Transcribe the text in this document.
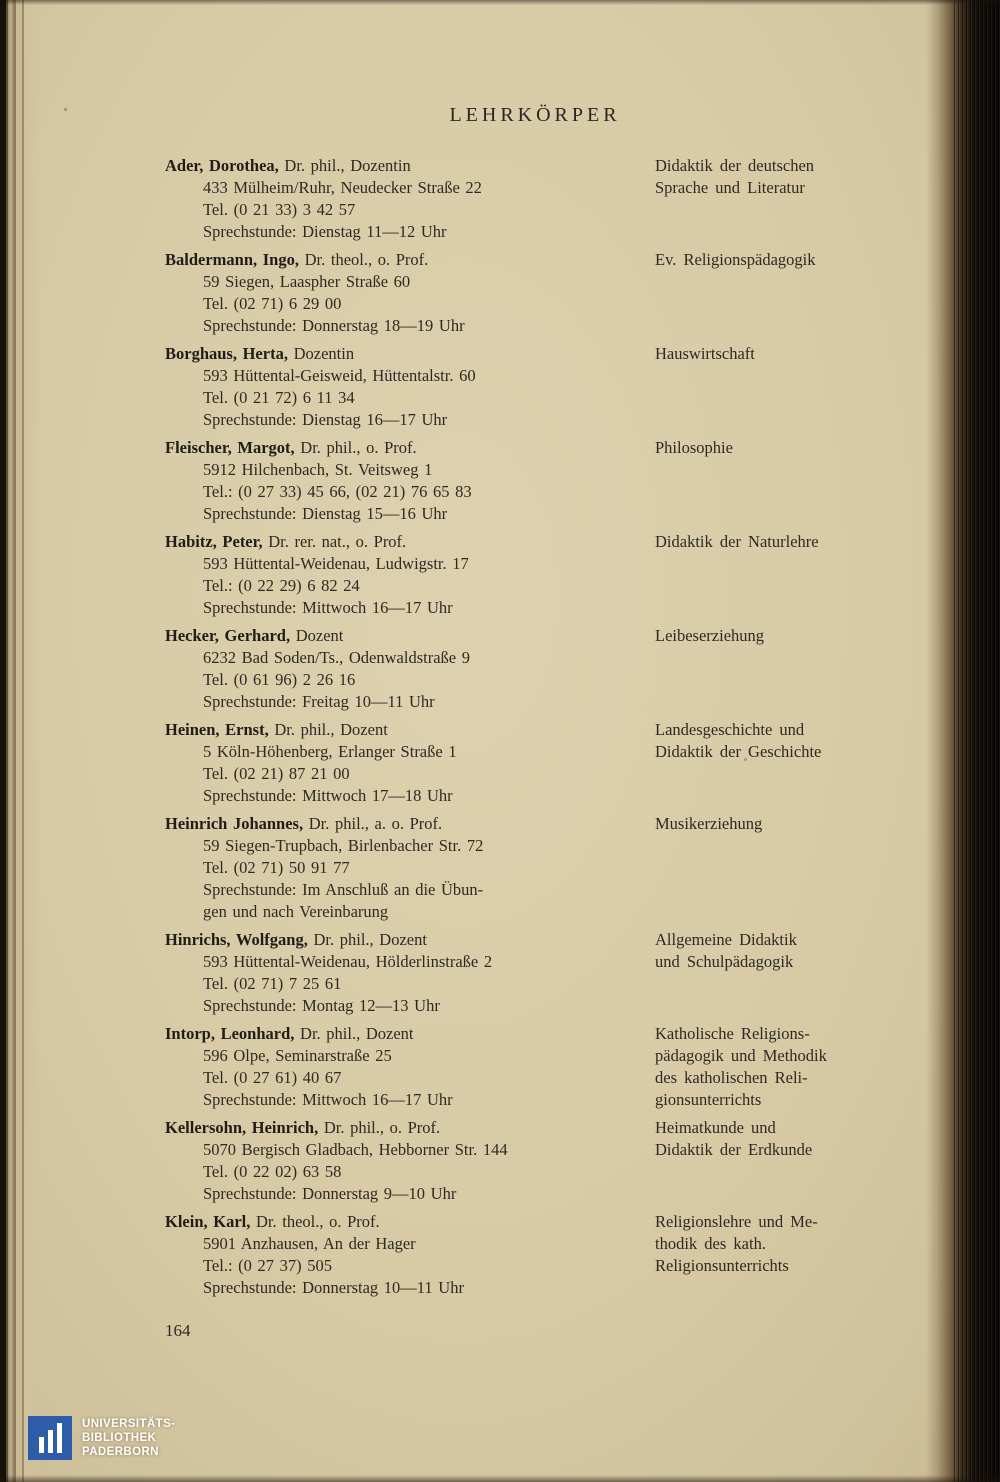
LEHRKÖRPER
Ader, Dorothea, Dr. phil., Dozentin
433 Mülheim/Ruhr, Neudecker Straße 22
Tel. (0 21 33) 3 42 57
Sprechstunde: Dienstag 11—12 Uhr
Didaktik der deutschen
Sprache und Literatur
Baldermann, Ingo, Dr. theol., o. Prof.
59 Siegen, Laaspher Straße 60
Tel. (02 71) 6 29 00
Sprechstunde: Donnerstag 18—19 Uhr
Ev. Religionspädagogik
Borghaus, Herta, Dozentin
593 Hüttental-Geisweid, Hüttentalstr. 60
Tel. (0 21 72) 6 11 34
Sprechstunde: Dienstag 16—17 Uhr
Hauswirtschaft
Fleischer, Margot, Dr. phil., o. Prof.
5912 Hilchenbach, St. Veitsweg 1
Tel.: (0 27 33) 45 66, (02 21) 76 65 83
Sprechstunde: Dienstag 15—16 Uhr
Philosophie
Habitz, Peter, Dr. rer. nat., o. Prof.
593 Hüttental-Weidenau, Ludwigstr. 17
Tel.: (0 22 29) 6 82 24
Sprechstunde: Mittwoch 16—17 Uhr
Didaktik der Naturlehre
Hecker, Gerhard, Dozent
6232 Bad Soden/Ts., Odenwaldstraße 9
Tel. (0 61 96) 2 26 16
Sprechstunde: Freitag 10—11 Uhr
Leibeserziehung
Heinen, Ernst, Dr. phil., Dozent
5 Köln-Höhenberg, Erlanger Straße 1
Tel. (02 21) 87 21 00
Sprechstunde: Mittwoch 17—18 Uhr
Landesgeschichte und
Didaktik der Geschichte
Heinrich Johannes, Dr. phil., a. o. Prof.
59 Siegen-Trupbach, Birlenbacher Str. 72
Tel. (02 71) 50 91 77
Sprechstunde: Im Anschluß an die Übun-
gen und nach Vereinbarung
Musikerziehung
Hinrichs, Wolfgang, Dr. phil., Dozent
593 Hüttental-Weidenau, Hölderlinstraße 2
Tel. (02 71) 7 25 61
Sprechstunde: Montag 12—13 Uhr
Allgemeine Didaktik
und Schulpädagogik
Intorp, Leonhard, Dr. phil., Dozent
596 Olpe, Seminarstraße 25
Tel. (0 27 61) 40 67
Sprechstunde: Mittwoch 16—17 Uhr
Katholische Religions-
pädagogik und Methodik
des katholischen Reli-
gionsunterrichts
Kellersohn, Heinrich, Dr. phil., o. Prof.
5070 Bergisch Gladbach, Hebborner Str. 144
Tel. (0 22 02) 63 58
Sprechstunde: Donnerstag 9—10 Uhr
Heimatkunde und
Didaktik der Erdkunde
Klein, Karl, Dr. theol., o. Prof.
5901 Anzhausen, An der Hager
Tel.: (0 27 37) 505
Sprechstunde: Donnerstag 10—11 Uhr
Religionslehre und Me-
thodik des kath.
Religionsunterrichts
164
UNIVERSITÄTS-
BIBLIOTHEK
PADERBORN
